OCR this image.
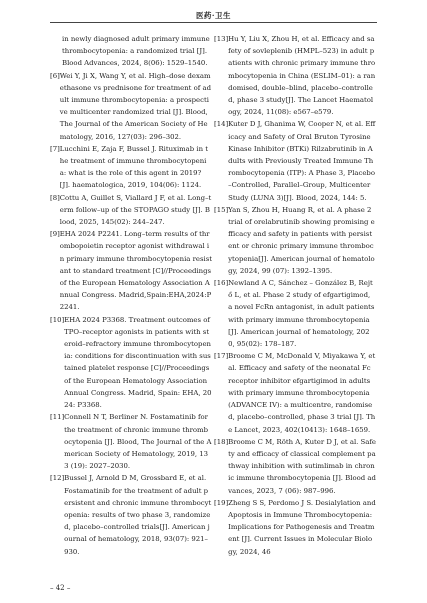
医药·卫生
in newly diagnosed adult primary immune thrombocytopenia: a randomized trial [J]. Blood Advances, 2024, 8(06): 1529–1540.
[6] Wei Y, Ji X, Wang Y, et al. High–dose dexamethasone vs prednisone for treatment of adult immune thrombocytopenia: a prospective multicenter randomized trial [J]. Blood, The Journal of the American Society of Hematology, 2016, 127(03): 296–302.
[7] Lucchini E, Zaja F, Bussel J. Rituximab in the treatment of immune thrombocytopenia: what is the role of this agent in 2019? [J]. haematologica, 2019, 104(06): 1124.
[8] Cottu A, Guillet S, Viallard J F, et al. Long–term follow–up of the STOPAGO study [J]. Blood, 2025, 145(02): 244–247.
[9] EHA 2024 P2241. Long–term results of thrombopoietin receptor agonist withdrawal in primary immune thrombocytopenia resistant to standard treatment [C]//Proceedings of the European Hematology Association Annual Congress. Madrid,Spain:EHA,2024:P2241.
[10] EHA 2024 P3368. Treatment outcomes of TPO–receptor agonists in patients with steroid–refractory immune thrombocytopenia: conditions for discontinuation with sustained platelet response [C]//Proceedings of the European Hematology Association Annual Congress. Madrid, Spain: EHA, 2024: P3368.
[11] Connell N T, Berliner N. Fostamatinib for the treatment of chronic immune thrombocytopenia [J]. Blood, The Journal of the American Society of Hematology, 2019, 133 (19): 2027–2030.
[12] Bussel J, Arnold D M, Grossbard E, et al. Fostamatinib for the treatment of adult persistent and chronic immune thrombocytopenia: results of two phase 3, randomized, placebo–controlled trials[J]. American journal of hematology, 2018, 93(07): 921–930.
[13] Hu Y, Liu X, Zhou H, et al. Efficacy and safety of sovleplenib (HMPL–523) in adult patients with chronic primary immune thrombocytopenia in China (ESLIM–01): a randomised, double–blind, placebo–controlled, phase 3 study[J]. The Lancet Haematology, 2024, 11(08): e567–e579.
[14] Kuter D J, Ghanima W, Cooper N, et al. Efficacy and Safety of Oral Bruton Tyrosine Kinase Inhibitor (BTKi) Rilzabrutinib in Adults with Previously Treated Immune Thrombocytopenia (ITP): A Phase 3, Placebo–Controlled, Parallel–Group, Multicenter Study (LUNA 3)[J]. Blood, 2024, 144: 5.
[15] Yan S, Zhou H, Huang R, et al. A phase 2 trial of orelabrutinib showing promising efficacy and safety in patients with persistent or chronic primary immune thrombocytopenia[J]. American journal of hematology, 2024, 99 (07): 1392–1395.
[16] Newland A C, Sánchez – González B, Rejtő L, et al. Phase 2 study of efgartigimod, a novel FcRn antagonist, in adult patients with primary immune thrombocytopenia[J]. American journal of hematology, 2020, 95(02): 178–187.
[17] Broome C M, McDonald V, Miyakawa Y, et al. Efficacy and safety of the neonatal Fc receptor inhibitor efgartigimod in adults with primary immune thrombocytopenia (ADVANCE IV): a multicentre, randomised, placebo–controlled, phase 3 trial [J]. The Lancet, 2023, 402(10413): 1648–1659.
[18] Broome C M, Röth A, Kuter D J, et al. Safety and efficacy of classical complement pathway inhibition with sutimlimab in chronic immune thrombocytopenia [J]. Blood advances, 2023, 7 (06): 987–996.
[19] Zheng S S, Perdomo J S. Desialylation and Apoptosis in Immune Thrombocytopenia: Implications for Pathogenesis and Treatment [J]. Current Issues in Molecular Biology, 2024, 46
– 42 –
